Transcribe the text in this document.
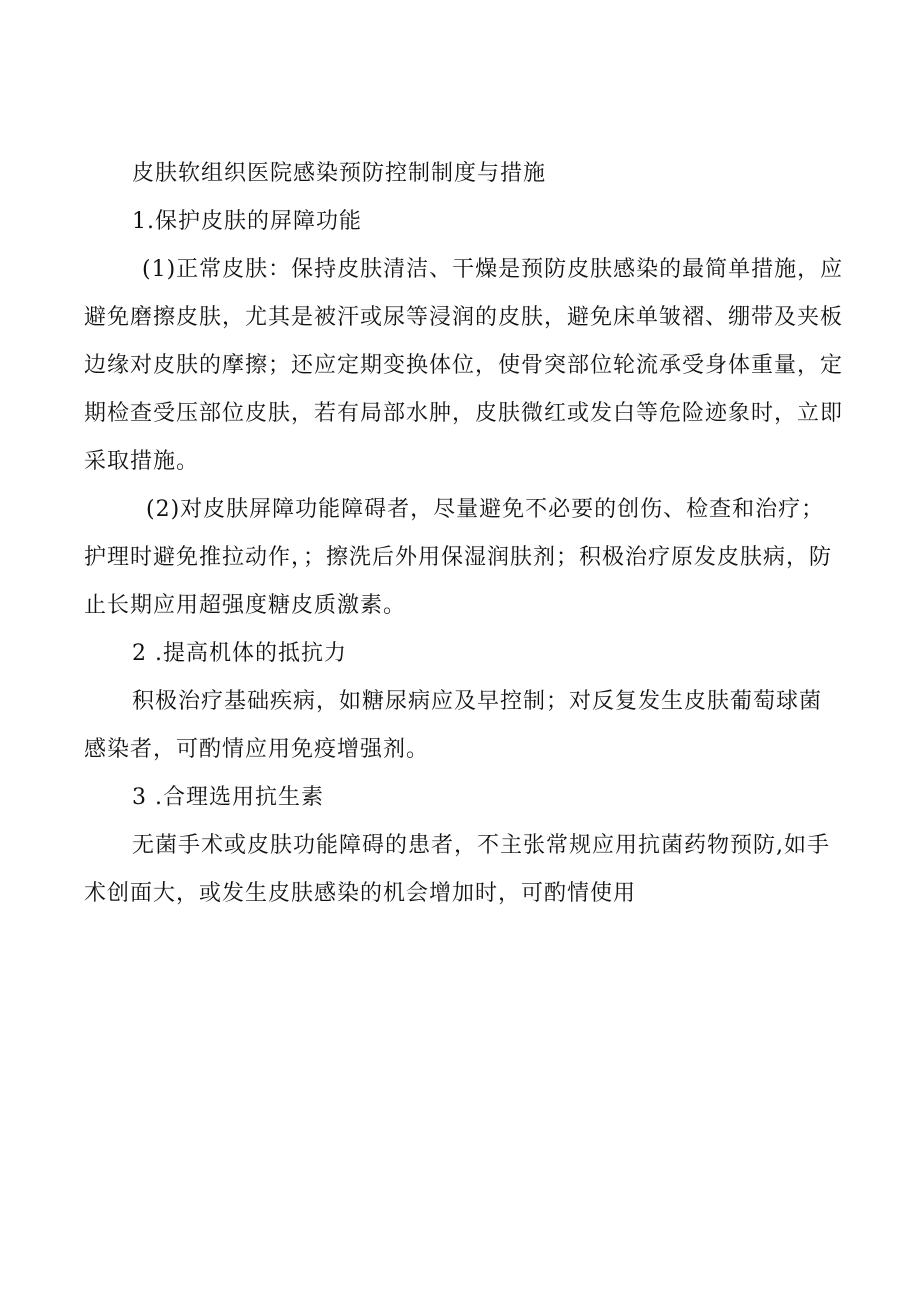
皮肤软组织医院感染预防控制制度与措施

1.保护皮肤的屏障功能

(1)正常皮肤：保持皮肤清洁、干燥是预防皮肤感染的最简单措施，应避免磨擦皮肤，尤其是被汗或尿等浸润的皮肤，避免床单皱褶、绷带及夹板边缘对皮肤的摩擦；还应定期变换体位，使骨突部位轮流承受身体重量，定期检查受压部位皮肤，若有局部水肿，皮肤微红或发白等危险迹象时，立即采取措施。

(2)对皮肤屏障功能障碍者，尽量避免不必要的创伤、检查和治疗；护理时避免推拉动作，；擦洗后外用保湿润肤剂；积极治疗原发皮肤病，防止长期应用超强度糖皮质激素。

2 .提高机体的抵抗力

积极治疗基础疾病，如糖尿病应及早控制；对反复发生皮肤葡萄球菌感染者，可酌情应用免疫增强剂。

3 .合理选用抗生素

无菌手术或皮肤功能障碍的患者，不主张常规应用抗菌药物预防,如手术创面大，或发生皮肤感染的机会增加时，可酌情使用
